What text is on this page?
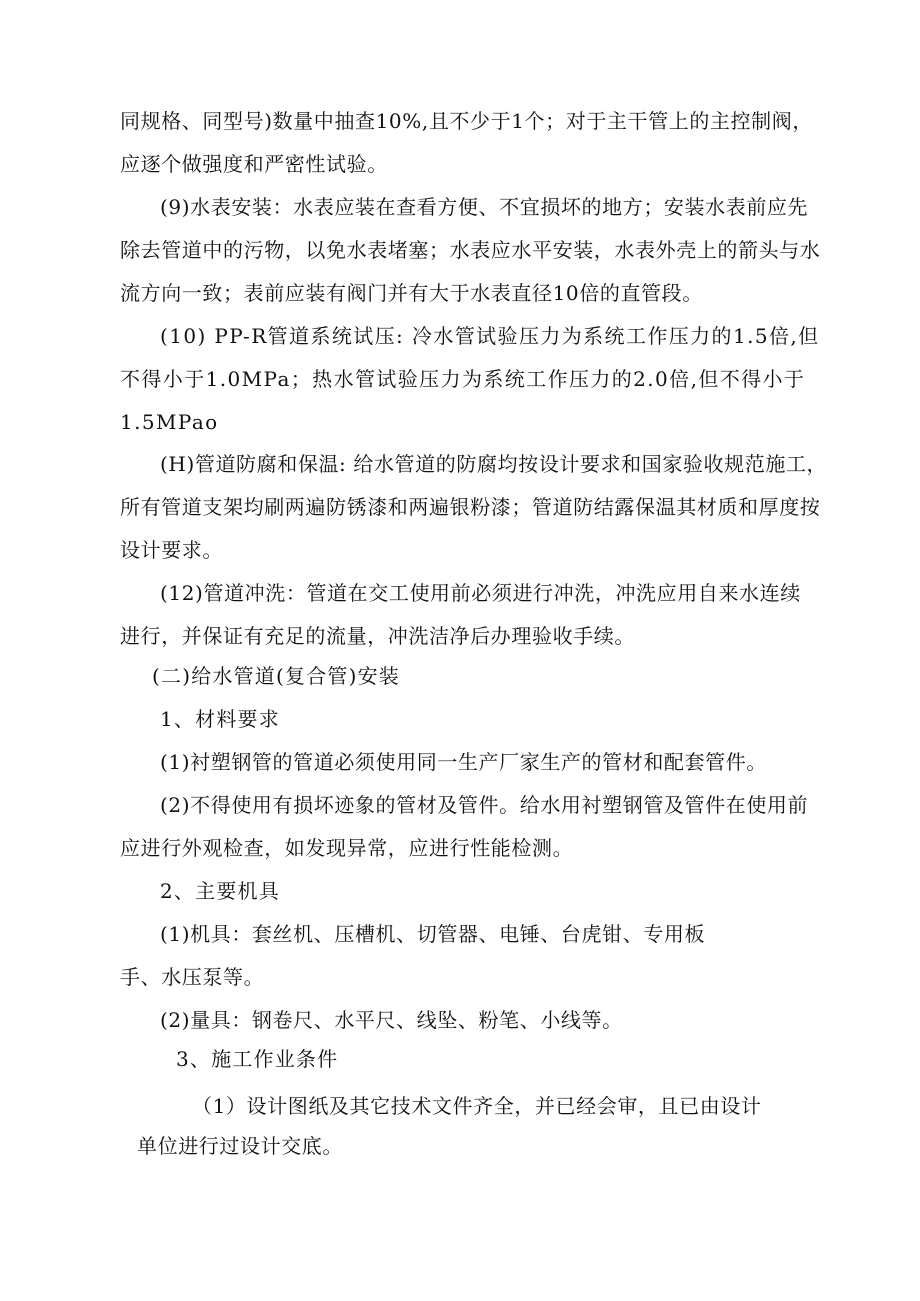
同规格、同型号)数量中抽查10%,且不少于1个；对于主干管上的主控制阀，

应逐个做强度和严密性试验。

(9)水表安装：水表应装在查看方便、不宜损坏的地方；安装水表前应先

除去管道中的污物，以免水表堵塞；水表应水平安装，水表外壳上的箭头与水

流方向一致；表前应装有阀门并有大于水表直径10倍的直管段。

(10) PP-R管道系统试压: 冷水管试验压力为系统工作压力的1.5倍,但

不得小于1.0MPa；热水管试验压力为系统工作压力的2.0倍,但不得小于

1.5MPao

(H)管道防腐和保温: 给水管道的防腐均按设计要求和国家验收规范施工，

所有管道支架均刷两遍防锈漆和两遍银粉漆；管道防结露保温其材质和厚度按

设计要求。

(12)管道冲洗：管道在交工使用前必须进行冲洗，冲洗应用自来水连续

进行，并保证有充足的流量，冲洗洁净后办理验收手续。

(二)给水管道(复合管)安装

1、材料要求

(1)衬塑钢管的管道必须使用同一生产厂家生产的管材和配套管件。

(2)不得使用有损坏迹象的管材及管件。给水用衬塑钢管及管件在使用前

应进行外观检查，如发现异常，应进行性能检测。

2、主要机具

(1)机具：套丝机、压槽机、切管器、电锤、台虎钳、专用板

手、水压泵等。

(2)量具：钢卷尺、水平尺、线坠、粉笔、小线等。

3、施工作业条件

（1）设计图纸及其它技术文件齐全，并已经会审，且已由设计

单位进行过设计交底。
